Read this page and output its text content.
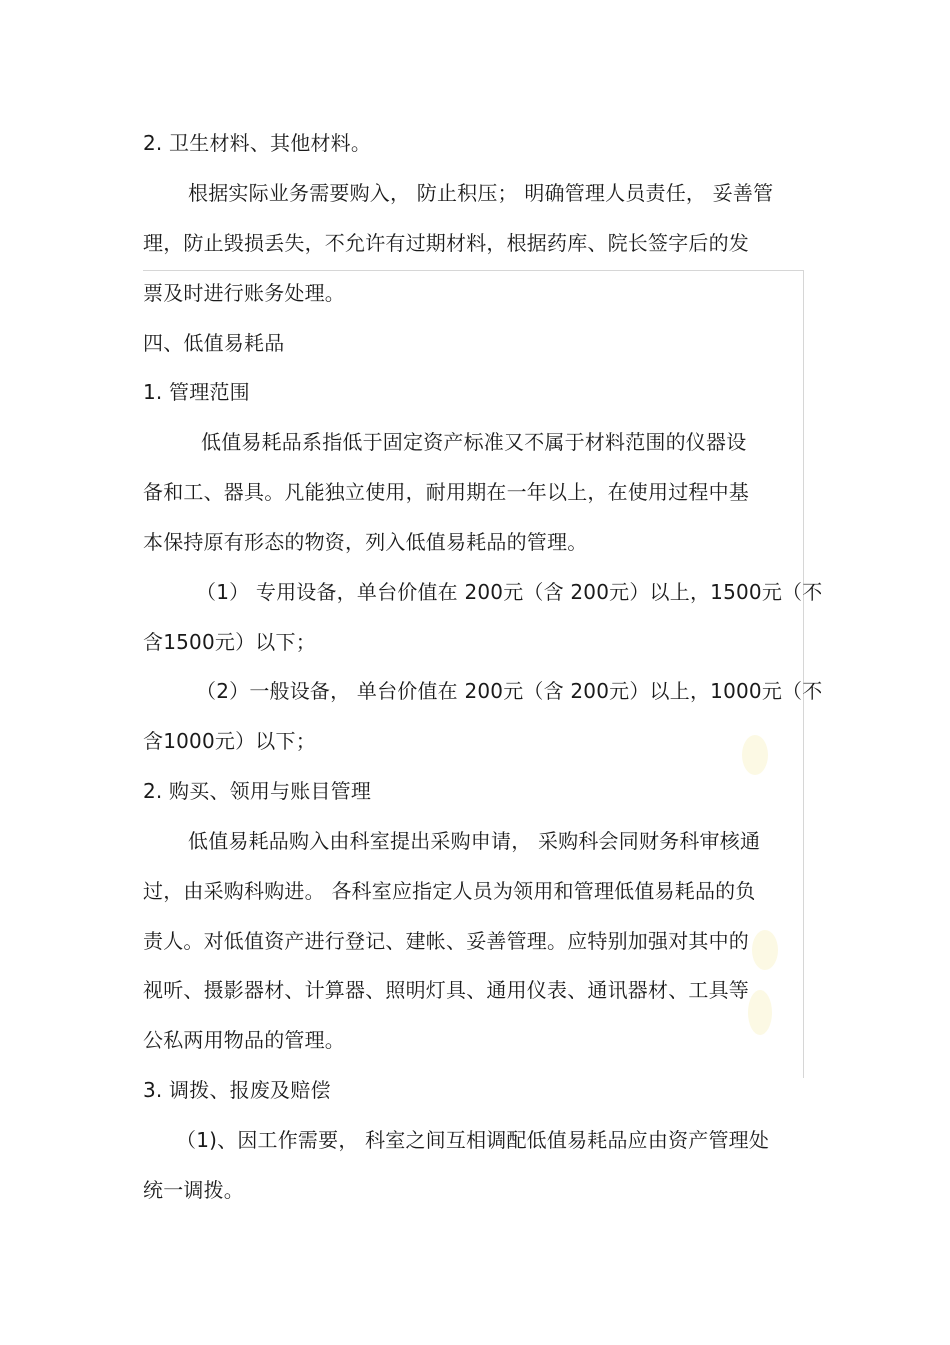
2. 卫生材料、其他材料。
根据实际业务需要购入， 防止积压； 明确管理人员责任， 妥善管
理，防止毁损丢失，不允许有过期材料，根据药库、院长签字后的发
票及时进行账务处理。
四、低值易耗品
1. 管理范围
低值易耗品系指低于固定资产标准又不属于材料范围的仪器设
备和工、器具。凡能独立使用，耐用期在一年以上，在使用过程中基
本保持原有形态的物资，列入低值易耗品的管理。
（1） 专用设备，单台价值在 200元（含 200元）以上，1500元（不
含1500元）以下；
（2）一般设备， 单台价值在 200元（含 200元）以上，1000元（不
含1000元）以下；
2. 购买、领用与账目管理
低值易耗品购入由科室提出采购申请， 采购科会同财务科审核通
过，由采购科购进。 各科室应指定人员为领用和管理低值易耗品的负
责人。对低值资产进行登记、建帐、妥善管理。应特别加强对其中的
视听、摄影器材、计算器、照明灯具、通用仪表、通讯器材、工具等
公私两用物品的管理。
3. 调拨、报废及赔偿
（1)、因工作需要， 科室之间互相调配低值易耗品应由资产管理处
统一调拨。
